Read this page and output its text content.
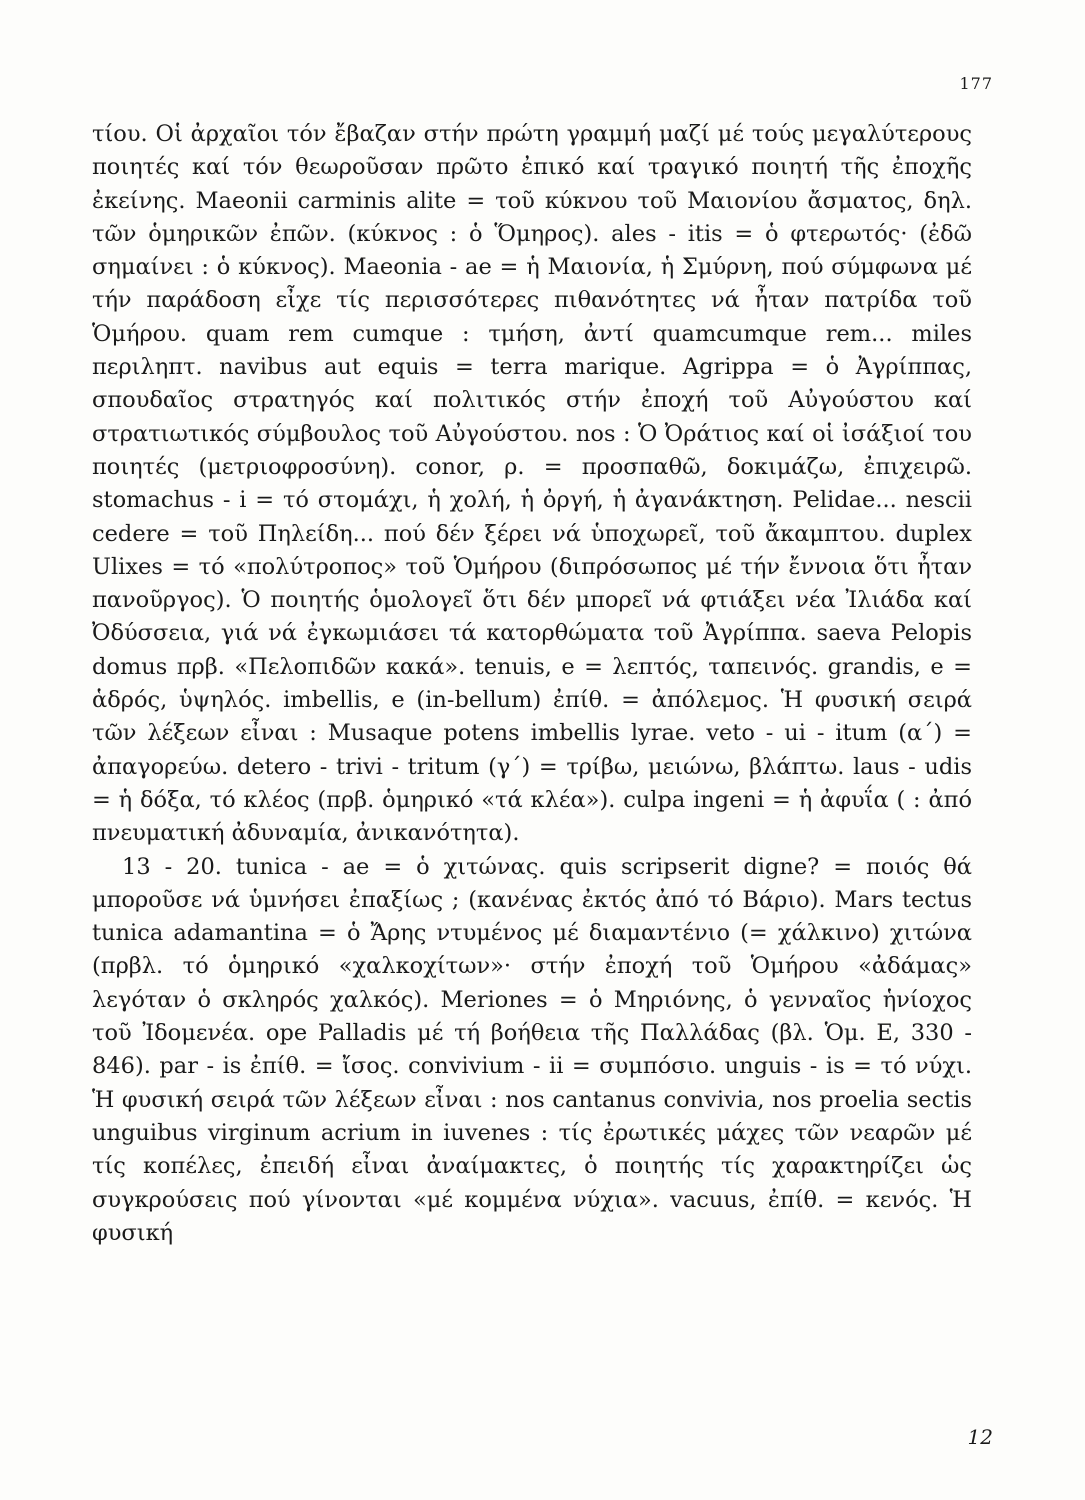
177

τίου. Οἱ ἀρχαῖοι τόν ἔβαζαν στήν πρώτη γραμμή μαζί μέ τούς μεγαλύτερους ποιητές καί τόν θεωροῦσαν πρῶτο ἐπικό καί τραγικό ποιητή τῆς ἐποχῆς ἐκείνης. Maeonii carminis alite = τοῦ κύκνου τοῦ Μαιονίου ἄσματος, δηλ. τῶν ὁμηρικῶν ἐπῶν. (κύκνος : ὁ Ὅμηρος). ales - itis = ὁ φτερωτός· (ἐδῶ σημαίνει : ὁ κύκνος). Maeonia - ae = ἡ Μαιονία, ἡ Σμύρνη, πού σύμφωνα μέ τήν παράδοση εἶχε τίς περισσότερες πιθανότητες νά ἦταν πατρίδα τοῦ Ὁμήρου. quam rem cumque : τμήση, ἀντί quamcumque rem... miles περιληπτ. navibus aut equis = terra marique. Agrippa = ὁ Ἀγρίππας, σπουδαῖος στρατηγός καί πολιτικός στήν ἐποχή τοῦ Αὐγούστου καί στρατιωτικός σύμβουλος τοῦ Αὐγούστου. nos : Ὁ Ὀράτιος καί οἱ ἰσάξιοί του ποιητές (μετριοφροσύνη). conor, ρ. = προσπαθῶ, δοκιμάζω, ἐπιχειρῶ. stomachus - i = τό στομάχι, ἡ χολή, ἡ ὀργή, ἡ ἀγανάκτηση. Pelidae... nescii cedere = τοῦ Πηλείδη... πού δέν ξέρει νά ὑποχωρεῖ, τοῦ ἄκαμπτου. duplex Ulixes = τό «πολύτροπος» τοῦ Ὁμήρου (διπρόσωπος μέ τήν ἔννοια ὅτι ἦταν πανοῦργος). Ὁ ποιητής ὁμολογεῖ ὅτι δέν μπορεῖ νά φτιάξει νέα Ἰλιάδα καί Ὀδύσσεια, γιά νά ἐγκωμιάσει τά κατορθώματα τοῦ Ἀγρίππα. saeva Pelopis domus πρβ. «Πελοπιδῶν κακά». tenuis, e = λεπτός, ταπεινός. grandis, e = ἁδρός, ὑψηλός. imbellis, e (in-bellum) ἐπίθ. = ἀπόλεμος. Ἡ φυσική σειρά τῶν λέξεων εἶναι : Musaque potens imbellis lyrae. veto - ui - itum (α΄) = ἀπαγορεύω. detero - trivi - tritum (γ΄) = τρίβω, μειώνω, βλάπτω. laus - udis = ἡ δόξα, τό κλέος (πρβ. ὁμηρικό «τά κλέα»). culpa ingeni = ἡ ἀφυΐα ( : ἀπό πνευματική ἀδυναμία, ἀνικανότητα).

13 - 20. tunica - ae = ὁ χιτώνας. quis scripserit digne? = ποιός θά μποροῦσε νά ὑμνήσει ἐπαξίως ; (κανένας ἐκτός ἀπό τό Βάριο). Mars tectus tunica adamantina = ὁ Ἄρης ντυμένος μέ διαμαντένιο (= χάλκινο) χιτώνα (πρβλ. τό ὁμηρικό «χαλκοχίτων»· στήν ἐποχή τοῦ Ὁμήρου «ἀδάμας» λεγόταν ὁ σκληρός χαλκός). Meriones = ὁ Μηριόνης, ὁ γενναῖος ἡνίοχος τοῦ Ἰδομενέα. ope Palladis μέ τή βοήθεια τῆς Παλλάδας (βλ. Ὁμ. Ε, 330 - 846). par - is ἐπίθ. = ἴσος. convivium - ii = συμπόσιο. unguis - is = τό νύχι. Ἡ φυσική σειρά τῶν λέξεων εἶναι : nos cantanus convivia, nos proelia sectis unguibus virginum acrium in iuvenes : τίς ἐρωτικές μάχες τῶν νεαρῶν μέ τίς κοπέλες, ἐπειδή εἶναι ἀναίμακτες, ὁ ποιητής τίς χαρακτηρίζει ὡς συγκρούσεις πού γίνονται «μέ κομμένα νύχια». vacuus, ἐπίθ. = κενός. Ἡ φυσική

12
